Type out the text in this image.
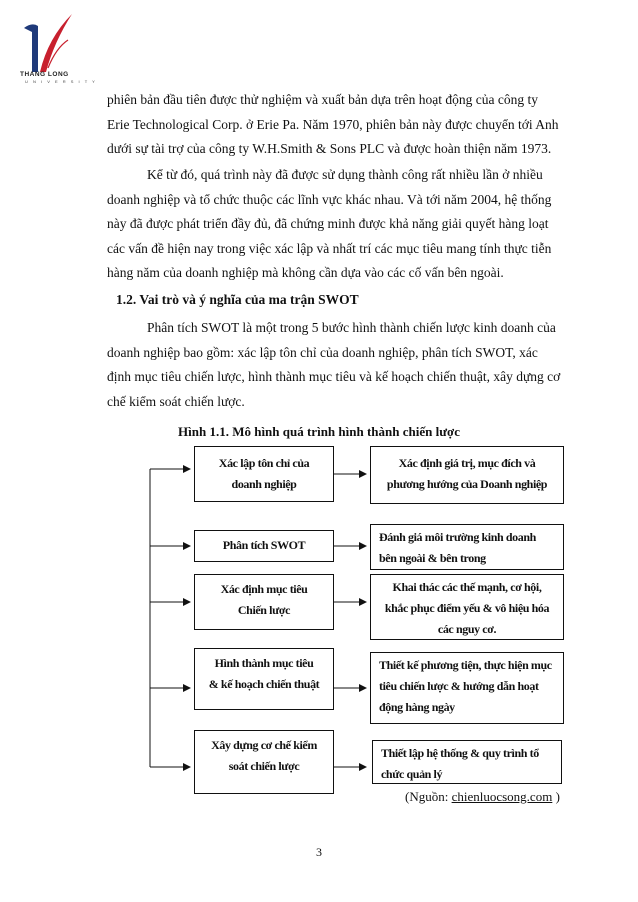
THANG LONG
U N I V E R S I T Y
phiên bản đầu tiên được thử nghiệm và xuất bản dựa trên hoạt động của công ty
Erie Technological Corp. ở Erie Pa. Năm 1970, phiên bản này được chuyển tới Anh
dưới sự tài trợ của công ty W.H.Smith & Sons PLC và được hoàn thiện năm 1973.
Kể từ đó, quá trình này đã được sử dụng thành công rất nhiều lần ở nhiều
doanh nghiệp và tổ chức thuộc các lĩnh vực khác nhau. Và tới năm 2004, hệ thống
này đã được phát triển đầy đủ, đã chứng minh được khả năng giải quyết hàng loạt
các vấn đề hiện nay trong việc xác lập và nhất trí các mục tiêu mang tính thực tiễn
hàng năm của doanh nghiệp mà không cần dựa vào các cố vấn bên ngoài.
1.2. Vai trò và ý nghĩa của ma trận SWOT
Phân tích SWOT là một trong 5 bước hình thành chiến lược kinh doanh của
doanh nghiệp bao gồm: xác lập tôn chỉ của doanh nghiệp, phân tích SWOT, xác
định mục tiêu chiến lược, hình thành mục tiêu và kế hoạch chiến thuật, xây dựng cơ
chế kiểm soát chiến lược.
Hình 1.1. Mô hình quá trình hình thành chiến lược
Xác lập tôn chỉ của
doanh nghiệp
Phân tích SWOT
Xác định mục tiêu
Chiến lược
Hình thành mục tiêu
& kế hoạch chiến thuật
Xây dựng cơ chế kiểm
soát chiến lược
Xác định giá trị, mục đích và
phương hướng của Doanh nghiệp
Đánh giá môi trường kinh doanh
bên ngoài & bên trong
Khai thác các thế mạnh, cơ hội,
khắc phục điểm yếu & vô hiệu hóa
các nguy cơ.
Thiết kế phương tiện, thực hiện mục
tiêu chiến lược & hướng dẫn hoạt
động hàng ngày
Thiết lập hệ thống & quy trình tổ
chức quản lý
(Nguồn: chienluocsong.com )
3
